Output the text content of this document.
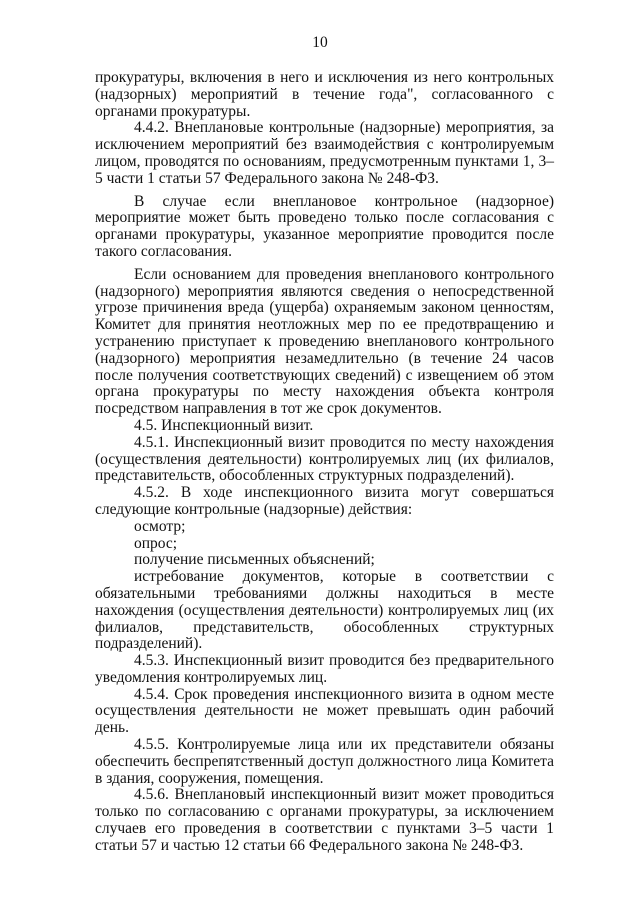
10

прокуратуры, включения в него и исключения из него контрольных (надзорных) мероприятий в течение года", согласованного с органами прокуратуры.

4.4.2. Внеплановые контрольные (надзорные) мероприятия, за исключением мероприятий без взаимодействия с контролируемым лицом, проводятся по основаниям, предусмотренным пунктами 1, 3–5 части 1 статьи 57 Федерального закона № 248-ФЗ.

В случае если внеплановое контрольное (надзорное) мероприятие может быть проведено только после согласования с органами прокуратуры, указанное мероприятие проводится после такого согласования.

Если основанием для проведения внепланового контрольного (надзорного) мероприятия являются сведения о непосредственной угрозе причинения вреда (ущерба) охраняемым законом ценностям, Комитет для принятия неотложных мер по ее предотвращению и устранению приступает к проведению внепланового контрольного (надзорного) мероприятия незамедлительно (в течение 24 часов после получения соответствующих сведений) с извещением об этом органа прокуратуры по месту нахождения объекта контроля посредством направления в тот же срок документов.

4.5. Инспекционный визит.

4.5.1. Инспекционный визит проводится по месту нахождения (осуществления деятельности) контролируемых лиц (их филиалов, представительств, обособленных структурных подразделений).

4.5.2. В ходе инспекционного визита могут совершаться следующие контрольные (надзорные) действия:

осмотр;

опрос;

получение письменных объяснений;

истребование документов, которые в соответствии с обязательными требованиями должны находиться в месте нахождения (осуществления деятельности) контролируемых лиц (их филиалов, представительств, обособленных структурных подразделений).

4.5.3. Инспекционный визит проводится без предварительного уведомления контролируемых лиц.

4.5.4. Срок проведения инспекционного визита в одном месте осуществления деятельности не может превышать один рабочий день.

4.5.5. Контролируемые лица или их представители обязаны обеспечить беспрепятственный доступ должностного лица Комитета в здания, сооружения, помещения.

4.5.6. Внеплановый инспекционный визит может проводиться только по согласованию с органами прокуратуры, за исключением случаев его проведения в соответствии с пунктами 3–5 части 1 статьи 57 и частью 12 статьи 66 Федерального закона № 248-ФЗ.
